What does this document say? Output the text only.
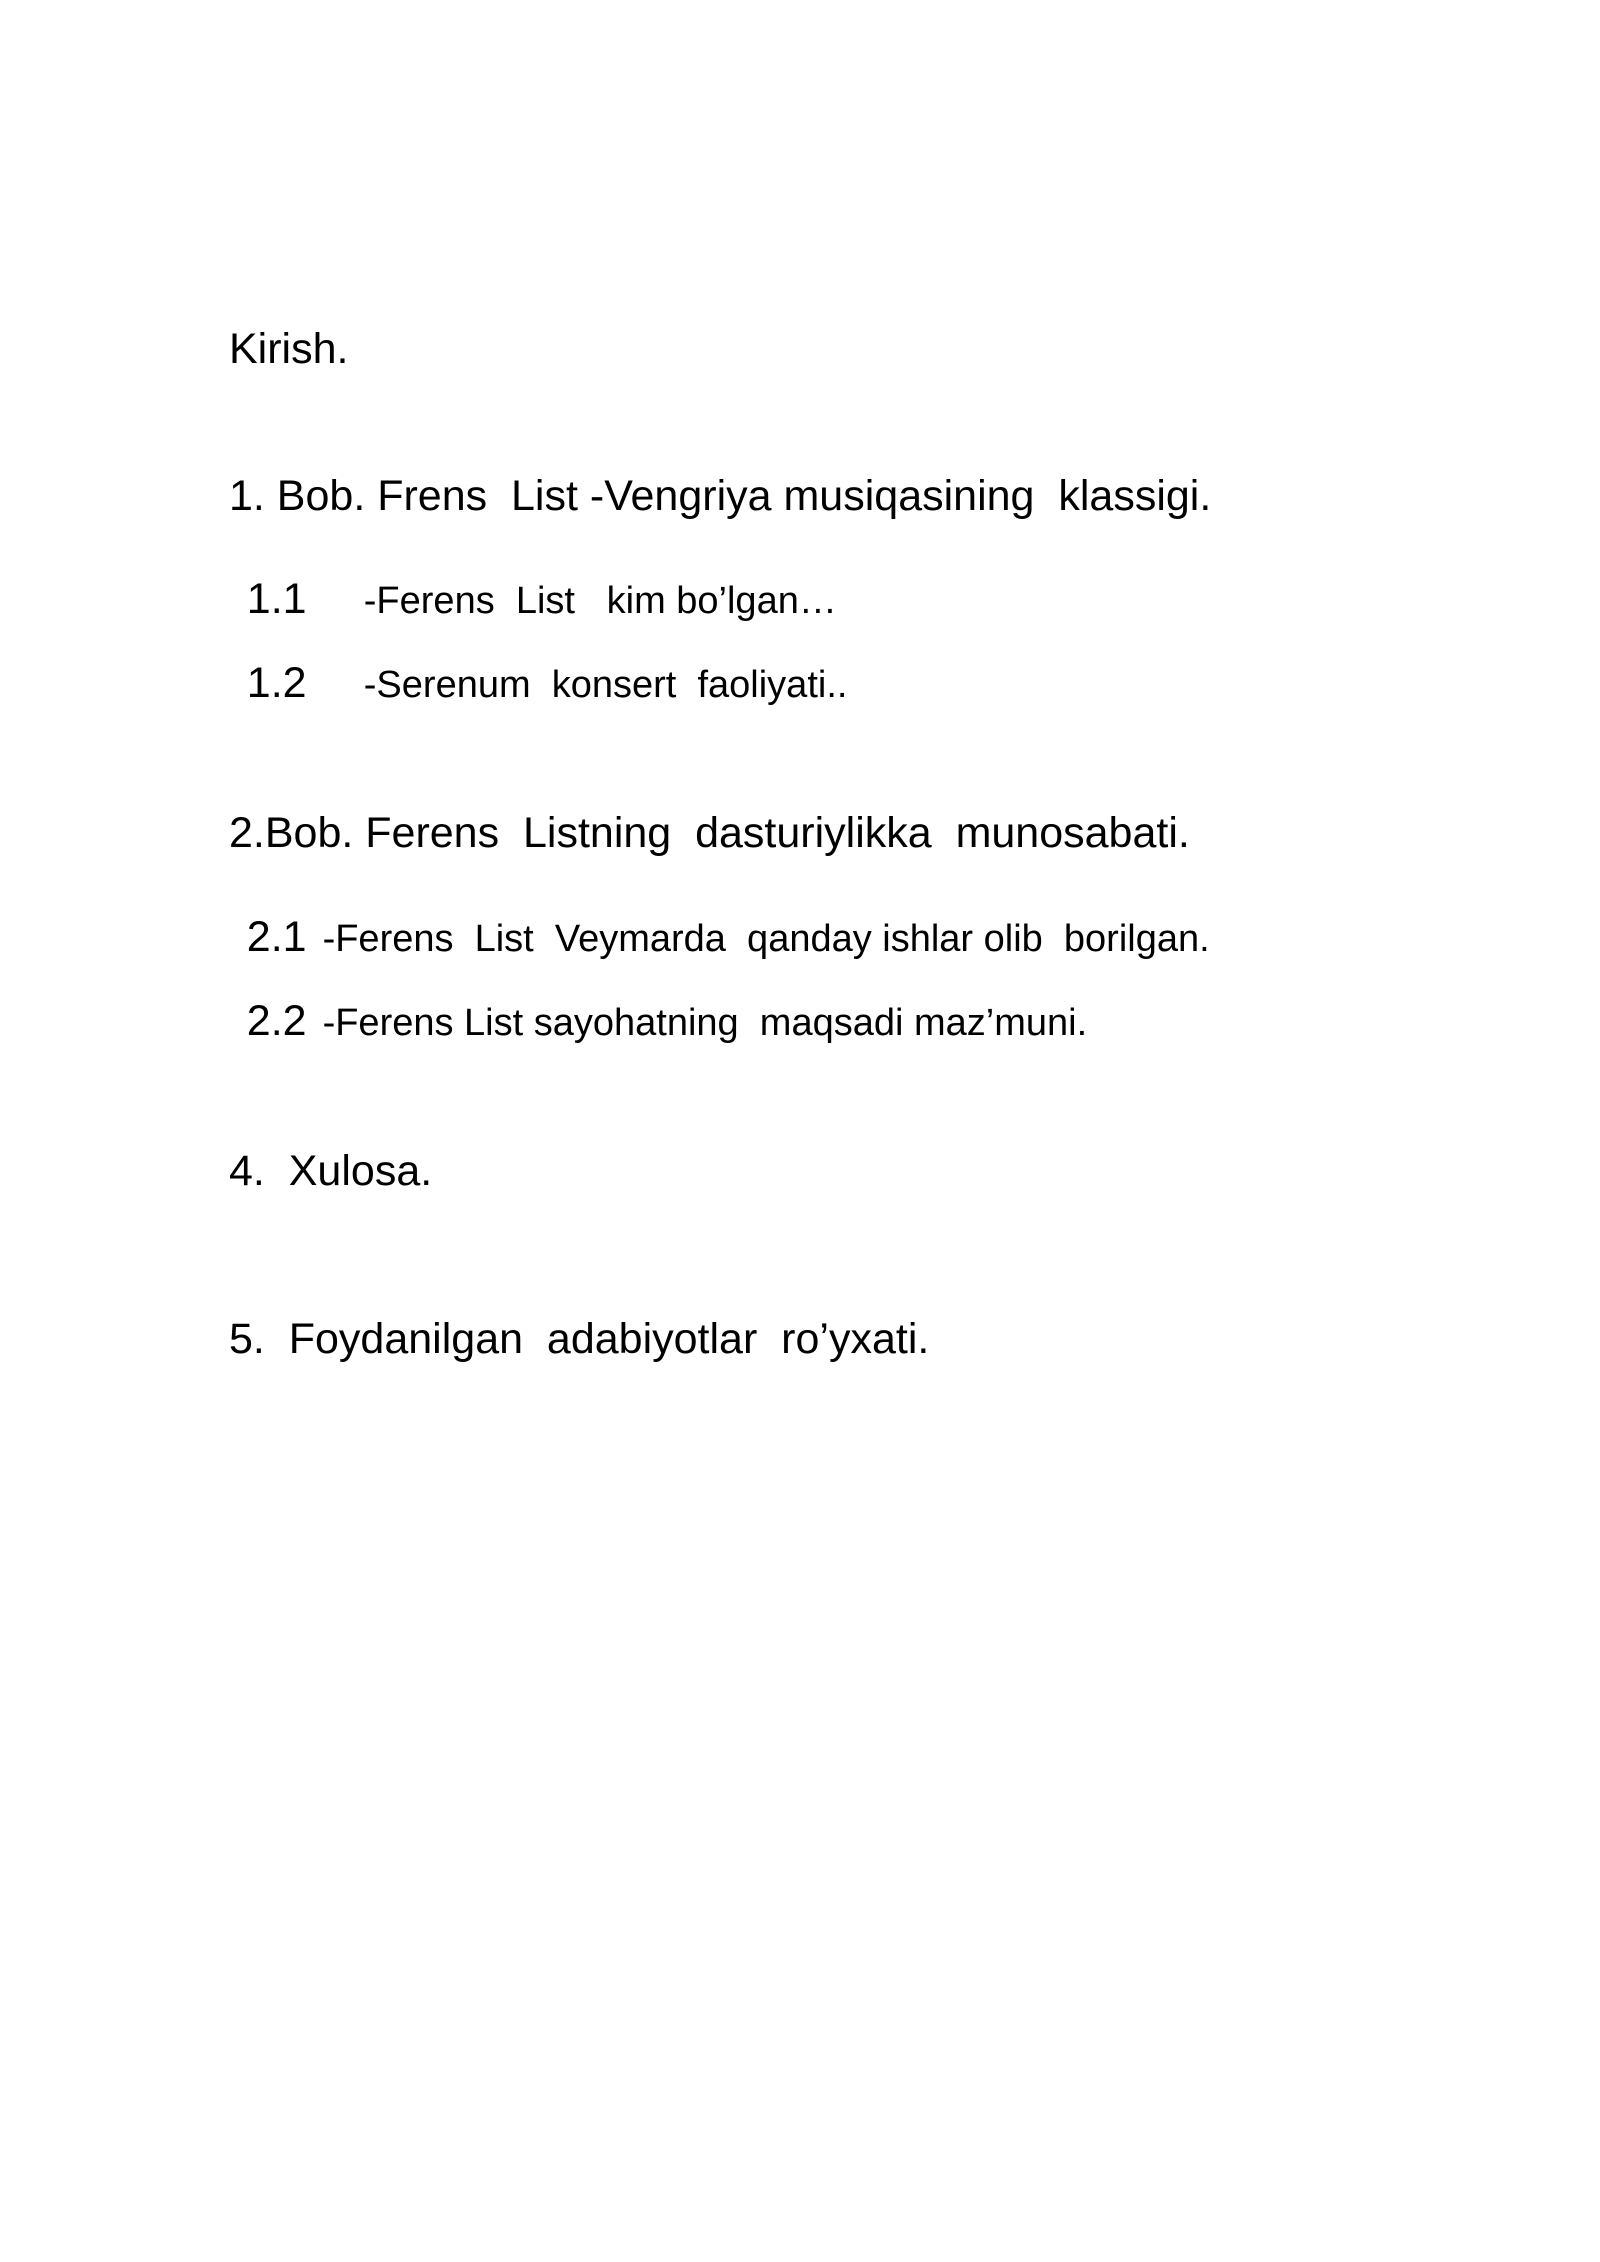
Kirish.
1. Bob. Frens  List -Vengriya musiqasining  klassigi.

1.1 -Ferens  List   kim bo’lgan…

1.2 -Serenum  konsert  faoliyati..

2.Bob. Ferens  Listning  dasturiylikka  munosabati.

2.1 -Ferens  List  Veymarda  qanday ishlar olib  borilgan.

2.2 -Ferens List sayohatning  maqsadi maz’muni.

4.  Xulosa.
5.  Foydanilgan  adabiyotlar  ro’yxati.
